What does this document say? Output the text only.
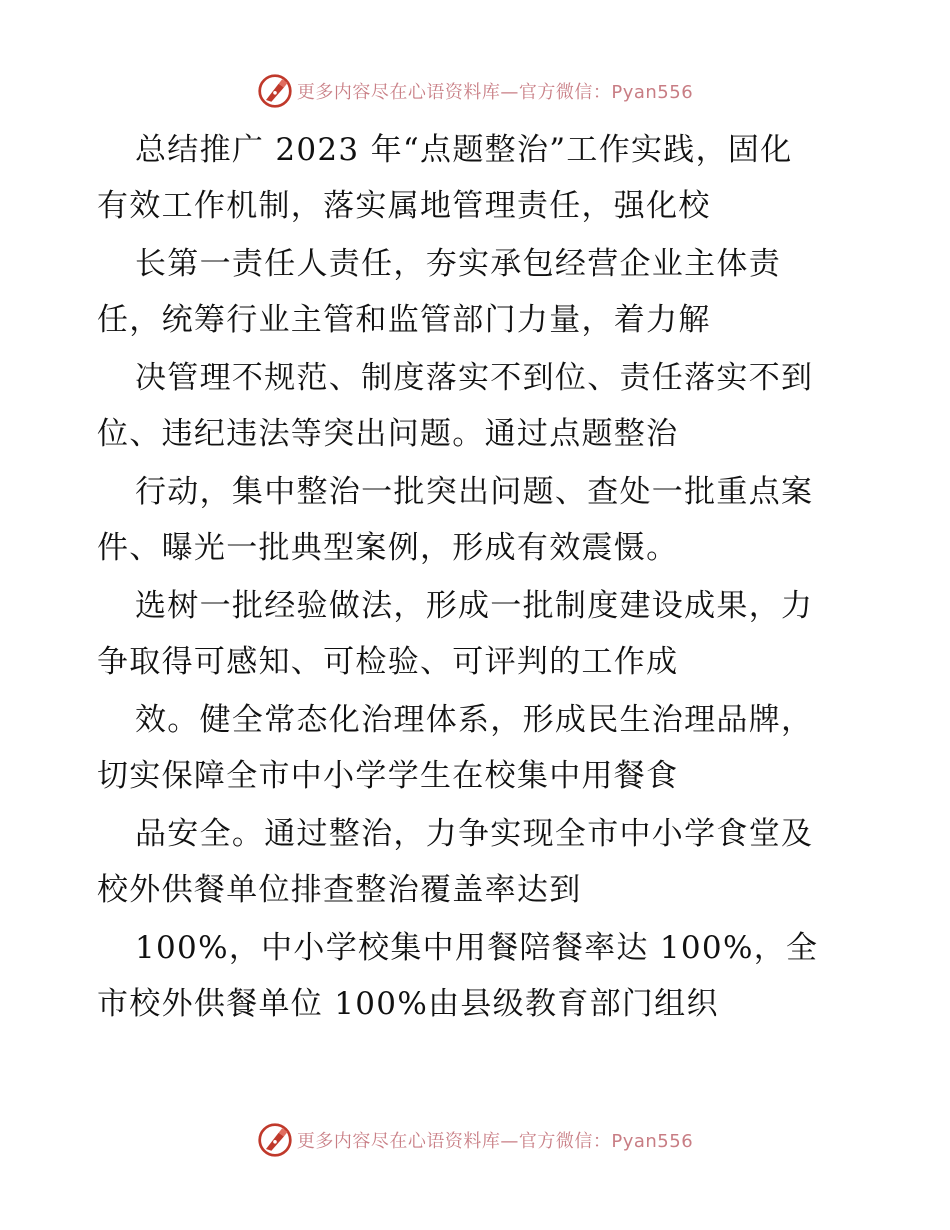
更多内容尽在心语资料库—官方微信：Pyan556
总结推广 2023 年“点题整治”工作实践，固化
有效工作机制，落实属地管理责任，强化校
长第一责任人责任，夯实承包经营企业主体责
任，统筹行业主管和监管部门力量，着力解
决管理不规范、制度落实不到位、责任落实不到
位、违纪违法等突出问题。通过点题整治
行动，集中整治一批突出问题、查处一批重点案
件、曝光一批典型案例，形成有效震慑。
选树一批经验做法，形成一批制度建设成果，力
争取得可感知、可检验、可评判的工作成
效。健全常态化治理体系，形成民生治理品牌，
切实保障全市中小学学生在校集中用餐食
品安全。通过整治，力争实现全市中小学食堂及
校外供餐单位排查整治覆盖率达到
100%，中小学校集中用餐陪餐率达 100%，全
市校外供餐单位 100%由县级教育部门组织
更多内容尽在心语资料库—官方微信：Pyan556
